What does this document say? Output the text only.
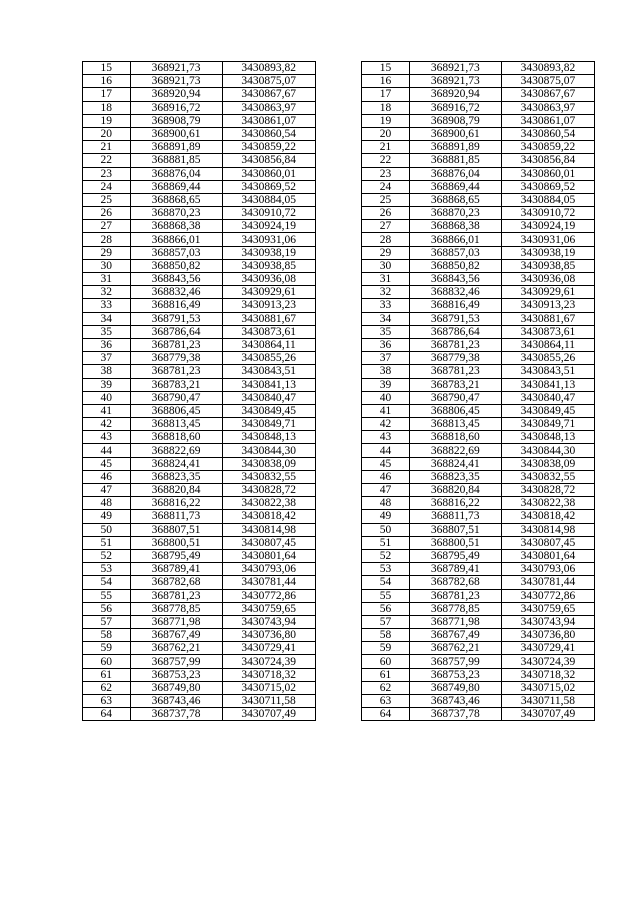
15	368921,73	3430893,82		15	368921,73	3430893,82
16	368921,73	3430875,07		16	368921,73	3430875,07
17	368920,94	3430867,67		17	368920,94	3430867,67
18	368916,72	3430863,97		18	368916,72	3430863,97
19	368908,79	3430861,07		19	368908,79	3430861,07
20	368900,61	3430860,54		20	368900,61	3430860,54
21	368891,89	3430859,22		21	368891,89	3430859,22
22	368881,85	3430856,84		22	368881,85	3430856,84
23	368876,04	3430860,01		23	368876,04	3430860,01
24	368869,44	3430869,52		24	368869,44	3430869,52
25	368868,65	3430884,05		25	368868,65	3430884,05
26	368870,23	3430910,72		26	368870,23	3430910,72
27	368868,38	3430924,19		27	368868,38	3430924,19
28	368866,01	3430931,06		28	368866,01	3430931,06
29	368857,03	3430938,19		29	368857,03	3430938,19
30	368850,82	3430938,85		30	368850,82	3430938,85
31	368843,56	3430936,08		31	368843,56	3430936,08
32	368832,46	3430929,61		32	368832,46	3430929,61
33	368816,49	3430913,23		33	368816,49	3430913,23
34	368791,53	3430881,67		34	368791,53	3430881,67
35	368786,64	3430873,61		35	368786,64	3430873,61
36	368781,23	3430864,11		36	368781,23	3430864,11
37	368779,38	3430855,26		37	368779,38	3430855,26
38	368781,23	3430843,51		38	368781,23	3430843,51
39	368783,21	3430841,13		39	368783,21	3430841,13
40	368790,47	3430840,47		40	368790,47	3430840,47
41	368806,45	3430849,45		41	368806,45	3430849,45
42	368813,45	3430849,71		42	368813,45	3430849,71
43	368818,60	3430848,13		43	368818,60	3430848,13
44	368822,69	3430844,30		44	368822,69	3430844,30
45	368824,41	3430838,09		45	368824,41	3430838,09
46	368823,35	3430832,55		46	368823,35	3430832,55
47	368820,84	3430828,72		47	368820,84	3430828,72
48	368816,22	3430822,38		48	368816,22	3430822,38
49	368811,73	3430818,42		49	368811,73	3430818,42
50	368807,51	3430814,98		50	368807,51	3430814,98
51	368800,51	3430807,45		51	368800,51	3430807,45
52	368795,49	3430801,64		52	368795,49	3430801,64
53	368789,41	3430793,06		53	368789,41	3430793,06
54	368782,68	3430781,44		54	368782,68	3430781,44
55	368781,23	3430772,86		55	368781,23	3430772,86
56	368778,85	3430759,65		56	368778,85	3430759,65
57	368771,98	3430743,94		57	368771,98	3430743,94
58	368767,49	3430736,80		58	368767,49	3430736,80
59	368762,21	3430729,41		59	368762,21	3430729,41
60	368757,99	3430724,39		60	368757,99	3430724,39
61	368753,23	3430718,32		61	368753,23	3430718,32
62	368749,80	3430715,02		62	368749,80	3430715,02
63	368743,46	3430711,58		63	368743,46	3430711,58
64	368737,78	3430707,49		64	368737,78	3430707,49
